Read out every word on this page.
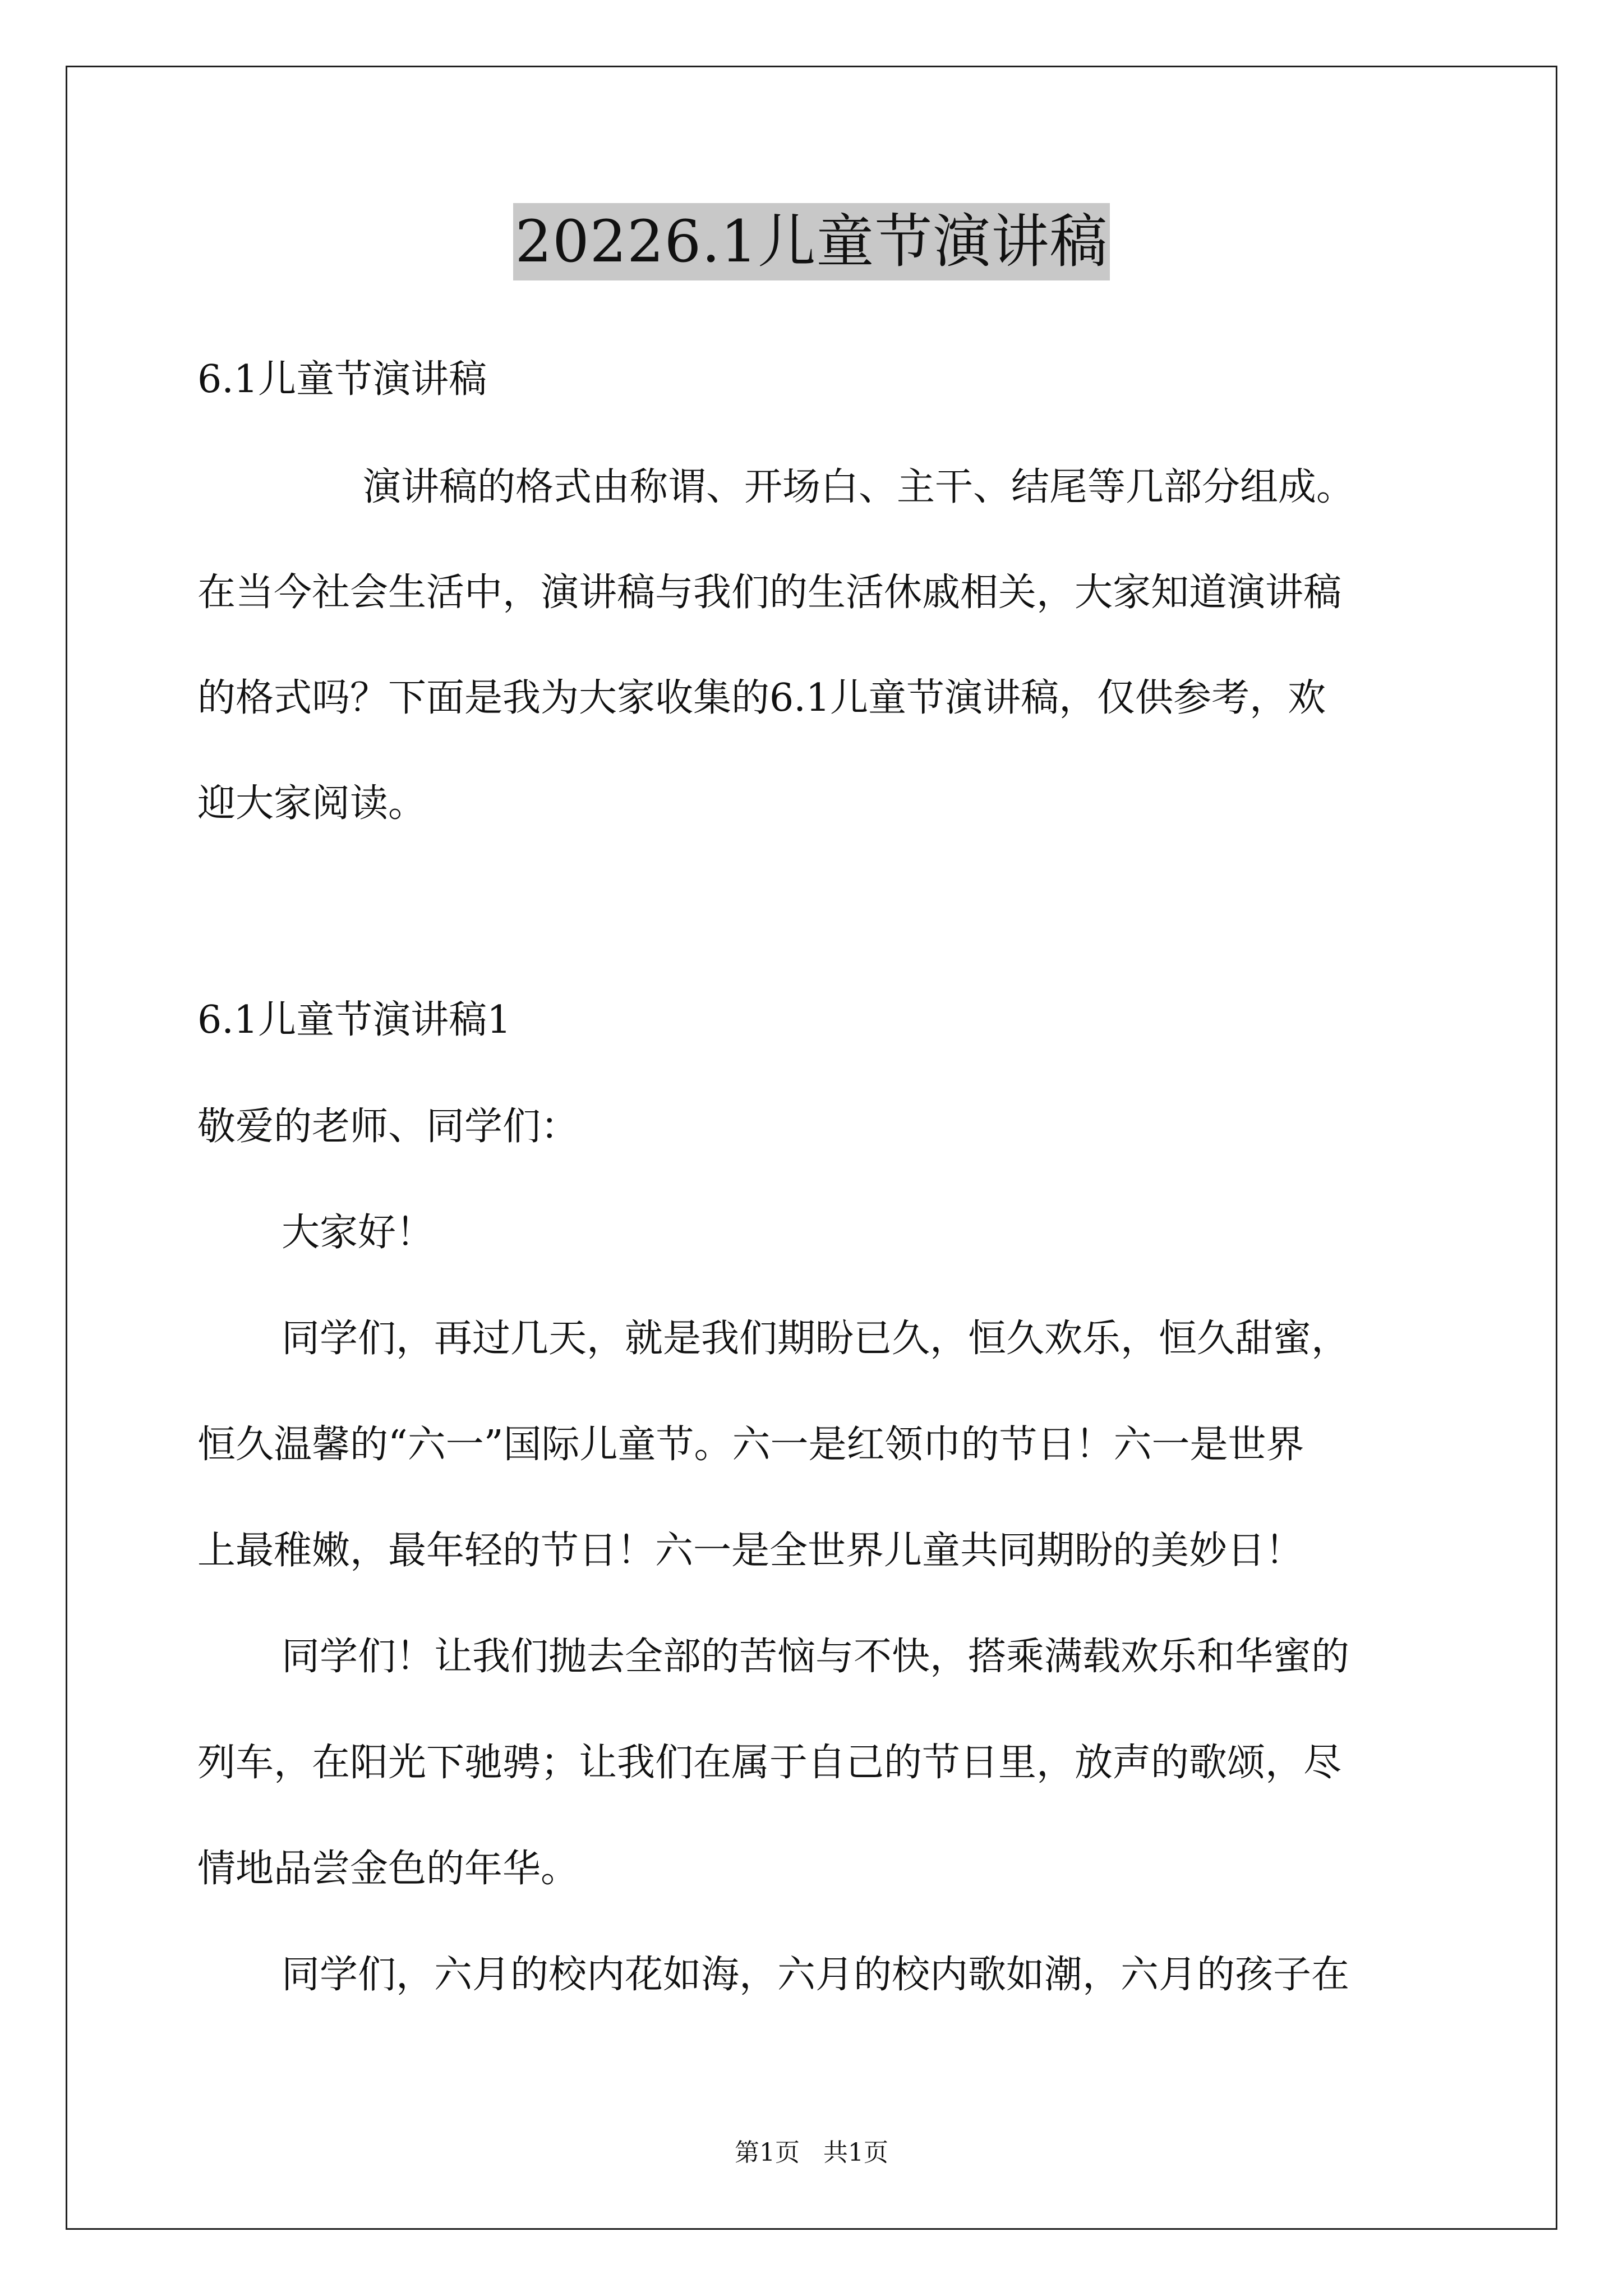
20226.1儿童节演讲稿
6.1儿童节演讲稿
演讲稿的格式由称谓、开场白、主干、结尾等几部分组成。
在当今社会生活中，演讲稿与我们的生活休戚相关，大家知道演讲稿
的格式吗？下面是我为大家收集的6.1儿童节演讲稿，仅供参考，欢
迎大家阅读。
6.1儿童节演讲稿1
敬爱的老师、同学们：
大家好！
同学们，再过几天，就是我们期盼已久，恒久欢乐，恒久甜蜜，
恒久温馨的“六一”国际儿童节。六一是红领巾的节日！六一是世界
上最稚嫩，最年轻的节日！六一是全世界儿童共同期盼的美妙日！
同学们！让我们抛去全部的苦恼与不快，搭乘满载欢乐和华蜜的
列车，在阳光下驰骋；让我们在属于自己的节日里，放声的歌颂，尽
情地品尝金色的年华。
同学们，六月的校内花如海，六月的校内歌如潮，六月的孩子在
第1页 共1页
